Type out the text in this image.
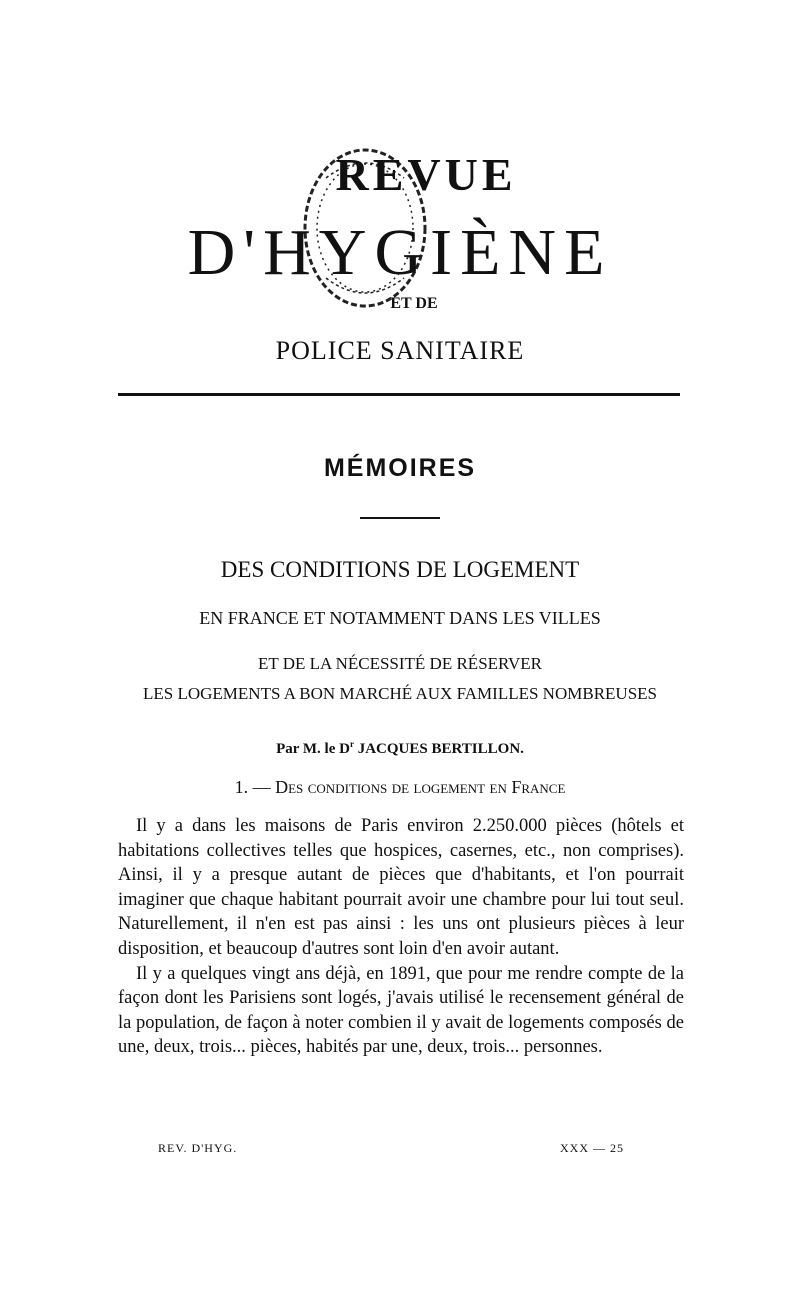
REVUE
D'HYGIÈNE
ET DE
POLICE SANITAIRE
MÉMOIRES
DES CONDITIONS DE LOGEMENT
EN FRANCE ET NOTAMMENT DANS LES VILLES
ET DE LA NÉCESSITÉ DE RÉSERVER
LES LOGEMENTS A BON MARCHÉ AUX FAMILLES NOMBREUSES
Par M. le $D^r$ JACQUES BERTILLON.
1. — Des conditions de logement en France

Il y a dans les maisons de Paris environ 2.250.000 pièces (hôtels et habitations collectives telles que hospices, casernes, etc., non comprises). Ainsi, il y a presque autant de pièces que d'habitants, et l'on pourrait imaginer que chaque habitant pourrait avoir une chambre pour lui tout seul. Naturellement, il n'en est pas ainsi : les uns ont plusieurs pièces à leur disposition, et beaucoup d'autres sont loin d'en avoir autant.

Il y a quelques vingt ans déjà, en 1891, que pour me rendre compte de la façon dont les Parisiens sont logés, j'avais utilisé le recensement général de la population, de façon à noter combien il y avait de logements composés de une, deux, trois... pièces, habités par une, deux, trois... personnes.

REV. D'HYG.	XXX — 25
